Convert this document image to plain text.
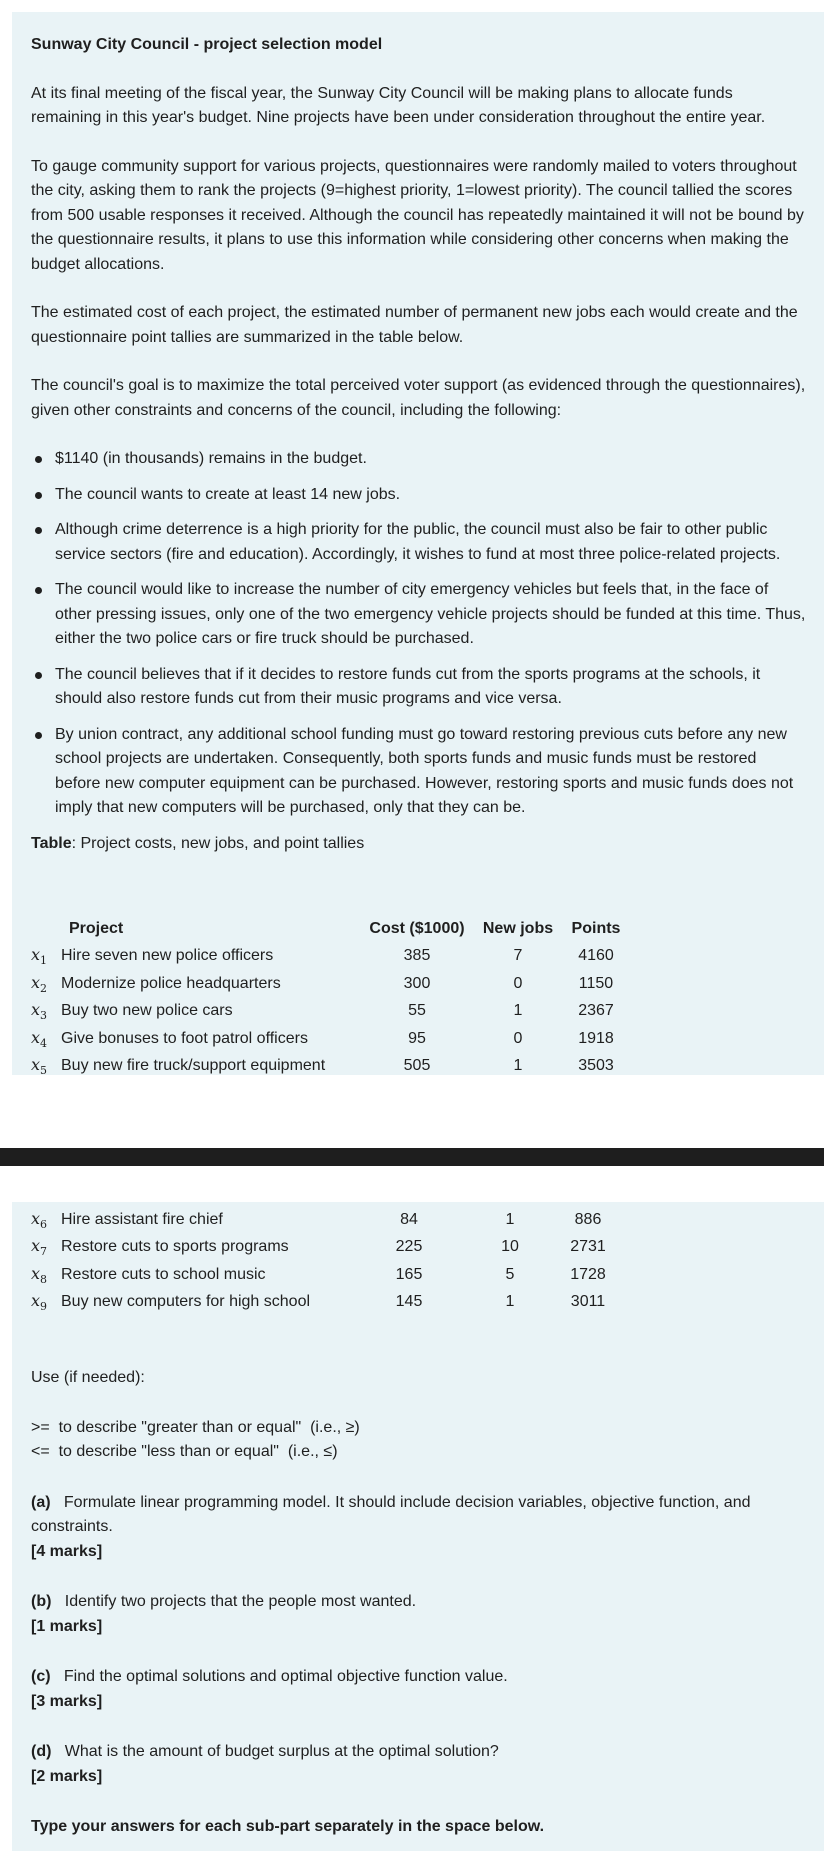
Sunway City Council - project selection model

At its final meeting of the fiscal year, the Sunway City Council will be making plans to allocate funds remaining in this year's budget. Nine projects have been under consideration throughout the entire year.

To gauge community support for various projects, questionnaires were randomly mailed to voters throughout the city, asking them to rank the projects (9=highest priority, 1=lowest priority). The council tallied the scores from 500 usable responses it received. Although the council has repeatedly maintained it will not be bound by the questionnaire results, it plans to use this information while considering other concerns when making the budget allocations.

The estimated cost of each project, the estimated number of permanent new jobs each would create and the questionnaire point tallies are summarized in the table below.

The council's goal is to maximize the total perceived voter support (as evidenced through the questionnaires), given other constraints and concerns of the council, including the following:

$1140 (in thousands) remains in the budget.
The council wants to create at least 14 new jobs.
Although crime deterrence is a high priority for the public, the council must also be fair to other public service sectors (fire and education). Accordingly, it wishes to fund at most three police-related projects.
The council would like to increase the number of city emergency vehicles but feels that, in the face of other pressing issues, only one of the two emergency vehicle projects should be funded at this time. Thus, either the two police cars or fire truck should be purchased.
The council believes that if it decides to restore funds cut from the sports programs at the schools, it should also restore funds cut from their music programs and vice versa.
By union contract, any additional school funding must go toward restoring previous cuts before any new school projects are undertaken. Consequently, both sports funds and music funds must be restored before new computer equipment can be purchased. However, restoring sports and music funds does not imply that new computers will be purchased, only that they can be.

Table: Project costs, new jobs, and point tallies

	Project	Cost ($1000)	New jobs	Points
$x_1$	Hire seven new police officers	385	7	4160
$x_2$	Modernize police headquarters	300	0	1150
$x_3$	Buy two new police cars	55	1	2367
$x_4$	Give bonuses to foot patrol officers	95	0	1918
$x_5$	Buy new fire truck/support equipment	505	1	3503
$x_6$	Hire assistant fire chief	84	1	886
$x_7$	Restore cuts to sports programs	225	10	2731
$x_8$	Restore cuts to school music	165	5	1728
$x_9$	Buy new computers for high school	145	1	3011

Use (if needed):

>=  to describe "greater than or equal"  (i.e., ≥)

<=  to describe "less than or equal"  (i.e., ≤)

(a) Formulate linear programming model. It should include decision variables, objective function, and constraints.

[4 marks]

(b) Identify two projects that the people most wanted.

[1 marks]

(c) Find the optimal solutions and optimal objective function value.

[3 marks]

(d) What is the amount of budget surplus at the optimal solution?

[2 marks]

Type your answers for each sub-part separately in the space below.
